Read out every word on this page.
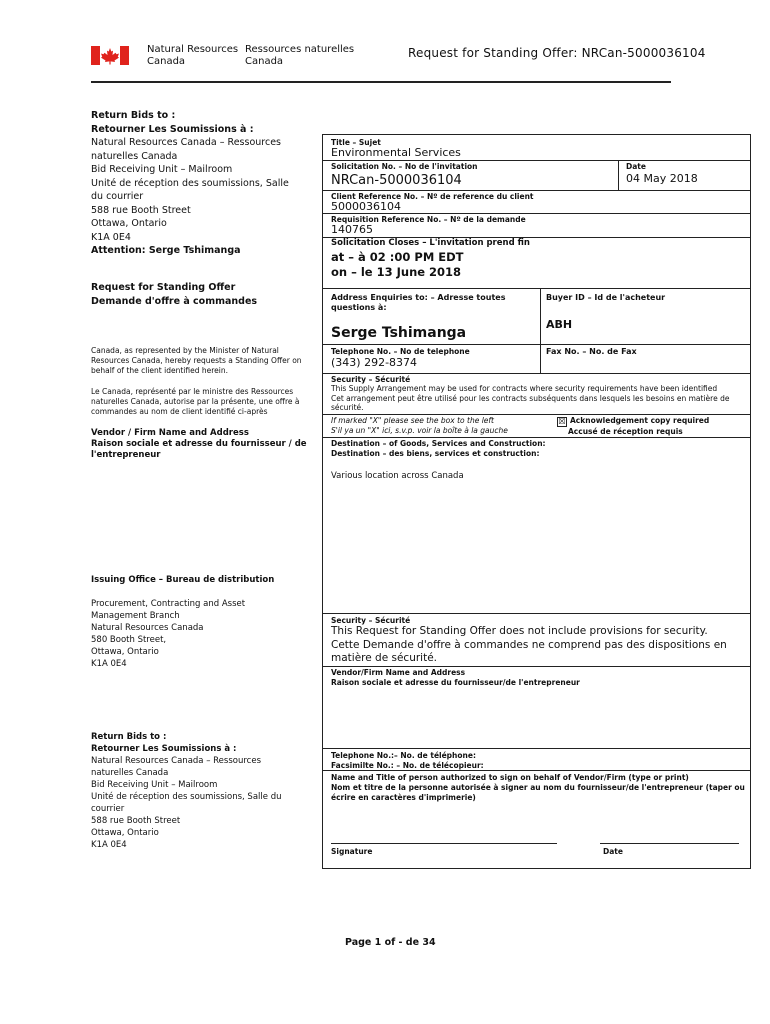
Natural Resources
Canada
Ressources naturelles
Canada
Request for Standing Offer: NRCan-5000036104
Return Bids to :
Retourner Les Soumissions à :
Natural Resources Canada – Ressources
naturelles Canada
Bid Receiving Unit – Mailroom
Unité de réception des soumissions, Salle
du courrier
588 rue Booth Street
Ottawa, Ontario
K1A 0E4
Attention: Serge Tshimanga
Request for Standing Offer
Demande d'offre à commandes
Canada, as represented by the Minister of Natural
Resources Canada, hereby requests a Standing Offer on
behalf of the client identified herein.
Le Canada, représenté par le ministre des Ressources
naturelles Canada, autorise par la présente, une offre à
commandes au nom de client identifié ci-après
Vendor / Firm Name and Address
Raison sociale et adresse du fournisseur / de
l'entrepreneur
Issuing Office – Bureau de distribution
Procurement, Contracting and Asset
Management Branch
Natural Resources Canada
580 Booth Street,
Ottawa, Ontario
K1A 0E4
Return Bids to :
Retourner Les Soumissions à :
Natural Resources Canada – Ressources
naturelles Canada
Bid Receiving Unit – Mailroom
Unité de réception des soumissions, Salle du
courrier
588 rue Booth Street
Ottawa, Ontario
K1A 0E4
Title – Sujet
Environmental Services
Solicitation No. – No de l'invitation
NRCan-5000036104
Date
04 May 2018
Client Reference No. – Nº de reference du client
5000036104
Requisition Reference No. – Nº de la demande
140765
Solicitation Closes – L'invitation prend fin
at – à 02 :00 PM EDT
on – le 13 June 2018
Address Enquiries to: – Adresse toutes
questions à:
Buyer ID – Id de l'acheteur
ABH
Serge Tshimanga
Telephone No. – No de telephone
(343) 292-8374
Fax No. – No. de Fax
Security – Sécurité
This Supply Arrangement may be used for contracts where security requirements have been identified
Cet arrangement peut être utilisé pour les contracts subséquents dans lesquels les besoins en matière de
sécurité.
If marked "X" please see the box to the left
S'il ya un "X" ici, s.v.p. voir la boîte à la gauche
☒ Acknowledgement copy required
Accusé de réception requis
Destination – of Goods, Services and Construction:
Destination – des biens, services et construction:
Various location across Canada
Security – Sécurité
This Request for Standing Offer does not include provisions for security.
Cette Demande d'offre à commandes ne comprend pas des dispositions en
matière de sécurité.
Vendor/Firm Name and Address
Raison sociale et adresse du fournisseur/de l'entrepreneur
Telephone No.:– No. de téléphone:
Facsimilte No.: – No. de télécopieur:
Name and Title of person authorized to sign on behalf of Vendor/Firm (type or print)
Nom et titre de la personne autorisée à signer au nom du fournisseur/de l'entrepreneur (taper ou
écrire en caractères d'imprimerie)
Signature	Date
Page 1 of - de 34
